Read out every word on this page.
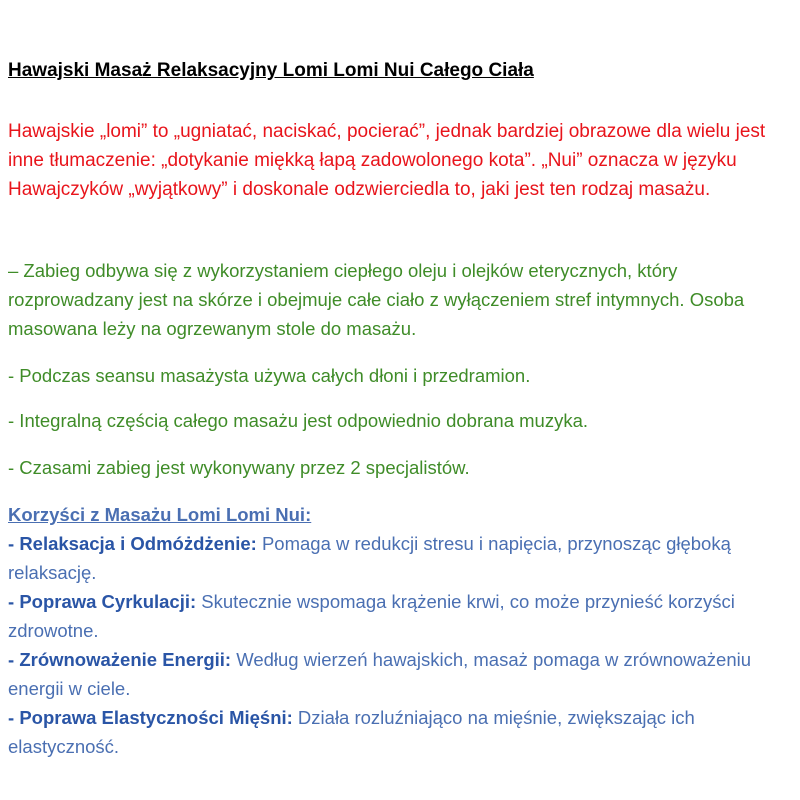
Hawajski Masaż Relaksacyjny Lomi Lomi Nui Całego Ciała

Hawajskie „lomi” to „ugniatać, naciskać, pocierać”, jednak bardziej obrazowe dla wielu jest inne tłumaczenie: „dotykanie miękką łapą zadowolonego kota”. „Nui” oznacza w języku Hawajczyków „wyjątkowy” i doskonale odzwierciedla to, jaki jest ten rodzaj masażu.

– Zabieg odbywa się z wykorzystaniem ciepłego oleju i olejków eterycznych, który rozprowadzany jest na skórze i obejmuje całe ciało z wyłączeniem stref intymnych. Osoba masowana leży na ogrzewanym stole do masażu.

- Podczas seansu masażysta używa całych dłoni i przedramion.

- Integralną częścią całego masażu jest odpowiednio dobrana muzyka.

- Czasami zabieg jest wykonywany przez 2 specjalistów.

Korzyści z Masażu Lomi Lomi Nui:

- Relaksacja i Odmóżdżenie: Pomaga w redukcji stresu i napięcia, przynosząc głęboką relaksację.

- Poprawa Cyrkulacji: Skutecznie wspomaga krążenie krwi, co może przynieść korzyści zdrowotne.

- Zrównoważenie Energii: Według wierzeń hawajskich, masaż pomaga w zrównoważeniu energii w ciele.

- Poprawa Elastyczności Mięśni: Działa rozluźniająco na mięśnie, zwiększając ich elastyczność.
